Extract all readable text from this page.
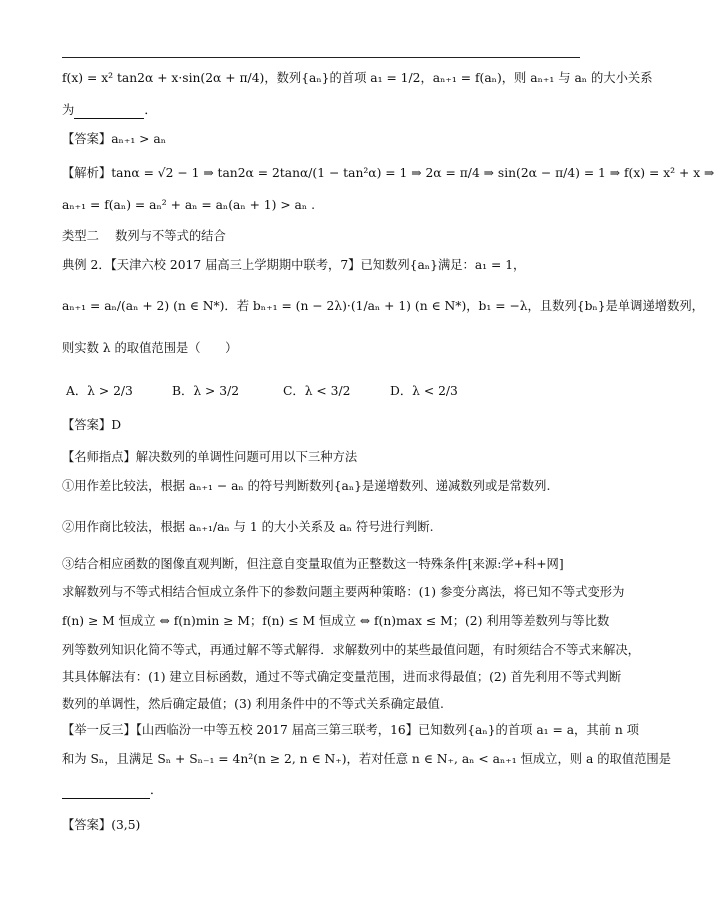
f(x) = x² tan2α + x·sin(2α + π/4)，数列{aₙ}的首项 a₁ = 1/2，aₙ₊₁ = f(aₙ)，则 aₙ₊₁ 与 aₙ 的大小关系
为	．
【答案】aₙ₊₁ > aₙ
【解析】tanα = √2 − 1 ⇒ tan2α = 2tanα/(1 − tan²α) = 1 ⇒ 2α = π/4 ⇒ sin(2α − π/4) = 1 ⇒ f(x) = x² + x ⇒
aₙ₊₁ = f(aₙ) = aₙ² + aₙ = aₙ(aₙ + 1) > aₙ .
类型二　 数列与不等式的结合
典例 2．【天津六校 2017 届高三上学期期中联考，7】已知数列{aₙ}满足：a₁ = 1，
aₙ₊₁ = aₙ/(aₙ + 2) (n ∈ N*)．若 bₙ₊₁ = (n − 2λ)·(1/aₙ + 1) (n ∈ N*)，b₁ = −λ，且数列{bₙ}是单调递增数列，
则实数 λ 的取值范围是（　　）
A．λ > 2/3	B．λ > 3/2	C．λ < 3/2	D．λ < 2/3
【答案】D
【名师指点】解决数列的单调性问题可用以下三种方法
①用作差比较法，根据 aₙ₊₁ − aₙ 的符号判断数列{aₙ}是递增数列、递减数列或是常数列.
②用作商比较法，根据 aₙ₊₁/aₙ 与 1 的大小关系及 aₙ 符号进行判断.
③结合相应函数的图像直观判断，但注意自变量取值为正整数这一特殊条件[来源:学+科+网]
求解数列与不等式相结合恒成立条件下的参数问题主要两种策略：(1) 参变分离法，将已知不等式变形为
f(n) ≥ M 恒成立 ⇔ f(n)min ≥ M；f(n) ≤ M 恒成立 ⇔ f(n)max ≤ M；(2) 利用等差数列与等比数
列等数列知识化简不等式，再通过解不等式解得．求解数列中的某些最值问题，有时须结合不等式来解决，
其具体解法有：(1) 建立目标函数，通过不等式确定变量范围，进而求得最值；(2) 首先利用不等式判断
数列的单调性，然后确定最值；(3) 利用条件中的不等式关系确定最值.
【举一反三】【山西临汾一中等五校 2017 届高三第三联考，16】已知数列{aₙ}的首项 a₁ = a，其前 n 项
和为 Sₙ，且满足 Sₙ + Sₙ₋₁ = 4n²(n ≥ 2, n ∈ N₊)，若对任意 n ∈ N₊, aₙ < aₙ₊₁ 恒成立，则 a 的取值范围是
．
【答案】(3,5)
